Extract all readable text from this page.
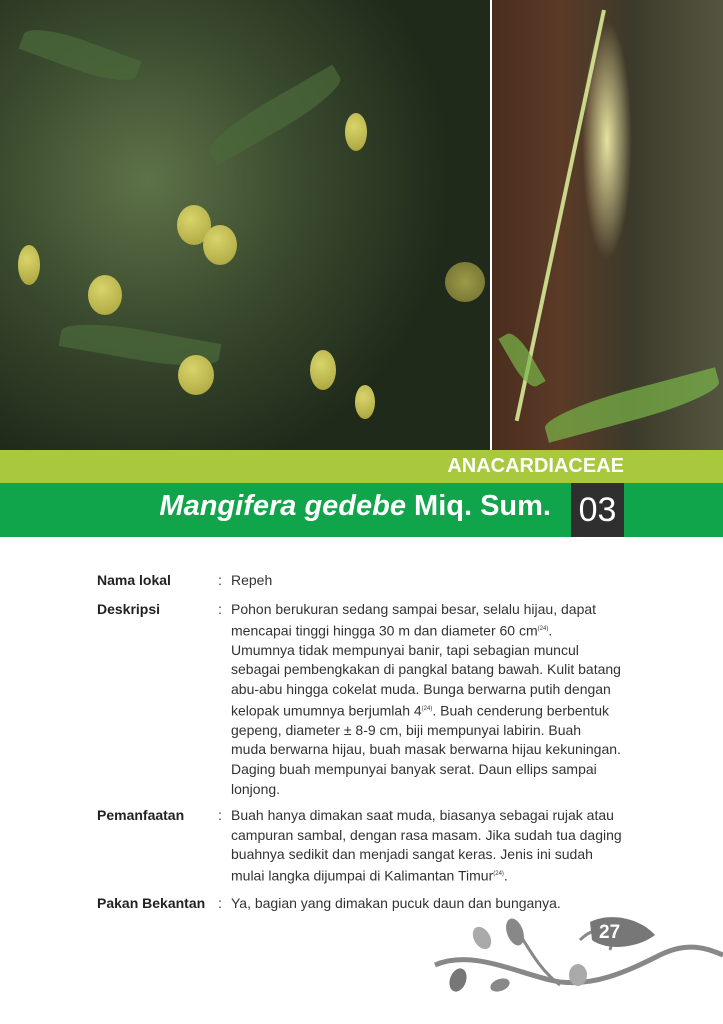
ANACARDIACEAE
Mangifera gedebe Miq. Sum. 03
Nama lokal	: Repeh
Deskripsi	: Pohon berukuran sedang sampai besar, selalu hijau, dapat
mencapai tinggi hingga 30 m dan diameter 60 $cm^{(24)}$.
Umumnya tidak mempunyai banir, tapi sebagian muncul
sebagai pembengkakan di pangkal batang bawah. Kulit batang
abu-abu hingga cokelat muda. Bunga berwarna putih dengan
kelopak umumnya berjumlah 4$^{(24)}$. Buah cenderung berbentuk
gepeng, diameter ± 8-9 cm, biji mempunyai labirin. Buah
muda berwarna hijau, buah masak berwarna hijau kekuningan.
Daging buah mempunyai banyak serat. Daun ellips sampai
lonjong.
Pemanfaatan : Buah hanya dimakan saat muda, biasanya sebagai rujak atau
campuran sambal, dengan rasa masam. Jika sudah tua daging
buahnya sedikit dan menjadi sangat keras. Jenis ini sudah
mulai langka dijumpai di Kalimantan Timur$^{(24)}$.
Pakan Bekantan : Ya, bagian yang dimakan pucuk daun dan bunganya.
27
